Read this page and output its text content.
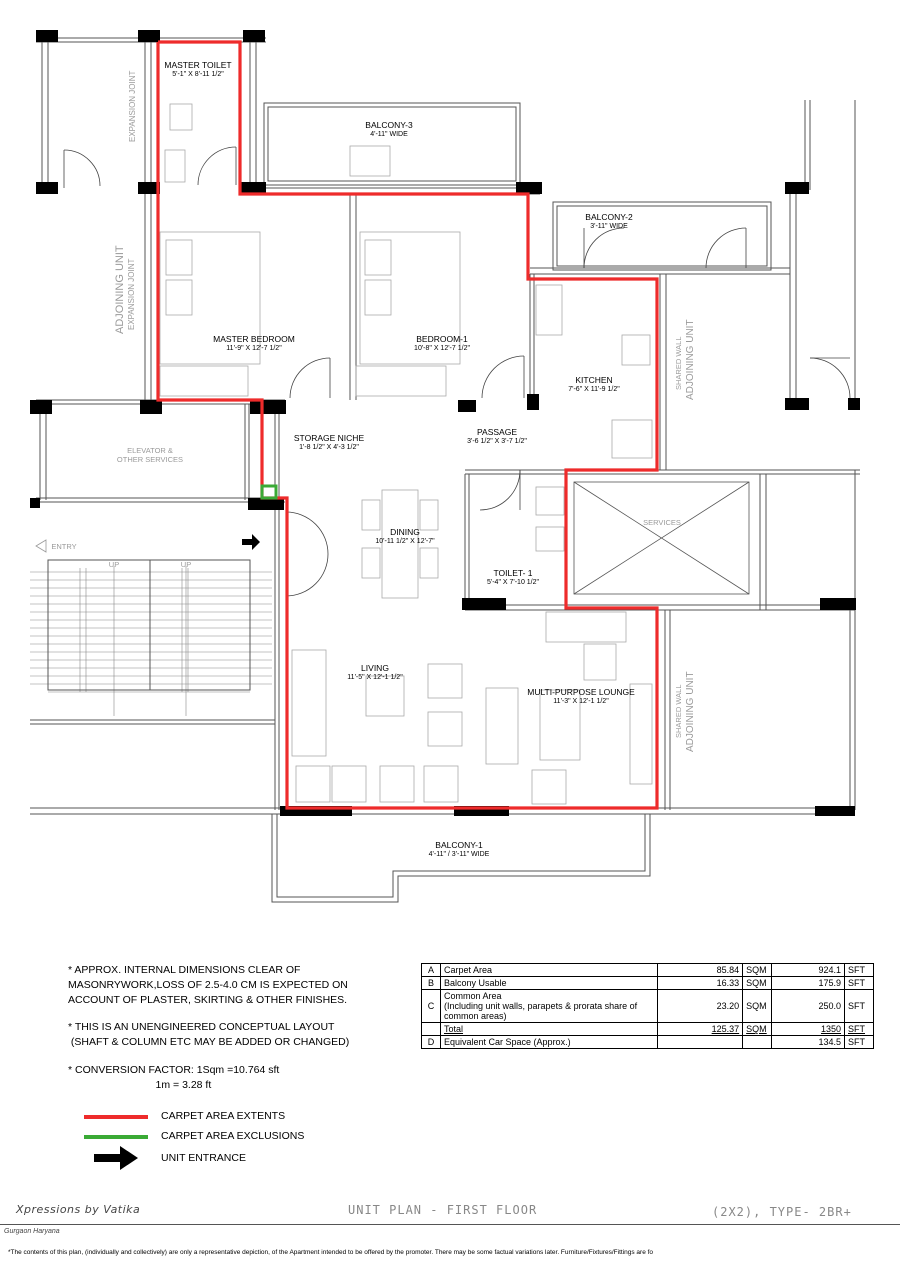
MASTER TOILET
5'-1" X 8'-11 1/2"
BALCONY-3
4'-11" WIDE
BALCONY-2
3'-11" WIDE
MASTER BEDROOM
11'-9" X 12'-7 1/2"
BEDROOM-1
10'-8" X 12'-7 1/2"
KITCHEN
7'-6" X 11'-9 1/2"
STORAGE NICHE
1'-8 1/2" X 4'-3 1/2"
PASSAGE
3'-6 1/2" X 3'-7 1/2"
DINING
10'-11 1/2" X 12'-7"
TOILET- 1
5'-4" X 7'-10 1/2"
LIVING
11'-5" X 12'-1 1/2"
MULTI-PURPOSE LOUNGE
11'-3" X 12'-1 1/2"
BALCONY-1
4'-11" / 3'-11" WIDE
SERVICES
ELEVATOR &
OTHER SERVICES
ENTRY
UP	UP
EXPANSION JOINT
ADJOINING UNIT EXPANSION JOINT
SHARED WALL ADJOINING UNIT
SHARED WALL ADJOINING UNIT
* APPROX. INTERNAL DIMENSIONS CLEAR OF
MASONRYWORK,LOSS OF 2.5-4.0 CM IS EXPECTED ON
ACCOUNT OF PLASTER, SKIRTING & OTHER FINISHES.
* THIS IS AN UNENGINEERED CONCEPTUAL LAYOUT
(SHAFT & COLUMN ETC MAY BE ADDED OR CHANGED)
* CONVERSION FACTOR: 1Sqm =10.764 sft
1m = 3.28 ft
A	Carpet Area	85.84	SQM	924.1	SFT
B	Balcony Usable	16.33	SQM	175.9	SFT
C	Common Area
(Including unit walls, parapets & prorata share of common areas)	23.20	SQM	250.0	SFT
	Total	125.37	SQM	1350	SFT
D	Equivalent Car Space (Approx.)			134.5	SFT
CARPET AREA EXTENTS
CARPET AREA EXCLUSIONS
UNIT ENTRANCE
Xpressions by Vatika	UNIT PLAN - FIRST FLOOR	(2X2), TYPE- 2BR+
Gurgaon Haryana
*The contents of this plan, (individually and collectively) are only a representative depiction, of the Apartment intended to be offered by the promoter. There may be some factual variations later. Furniture/Fixtures/Fittings are fo
